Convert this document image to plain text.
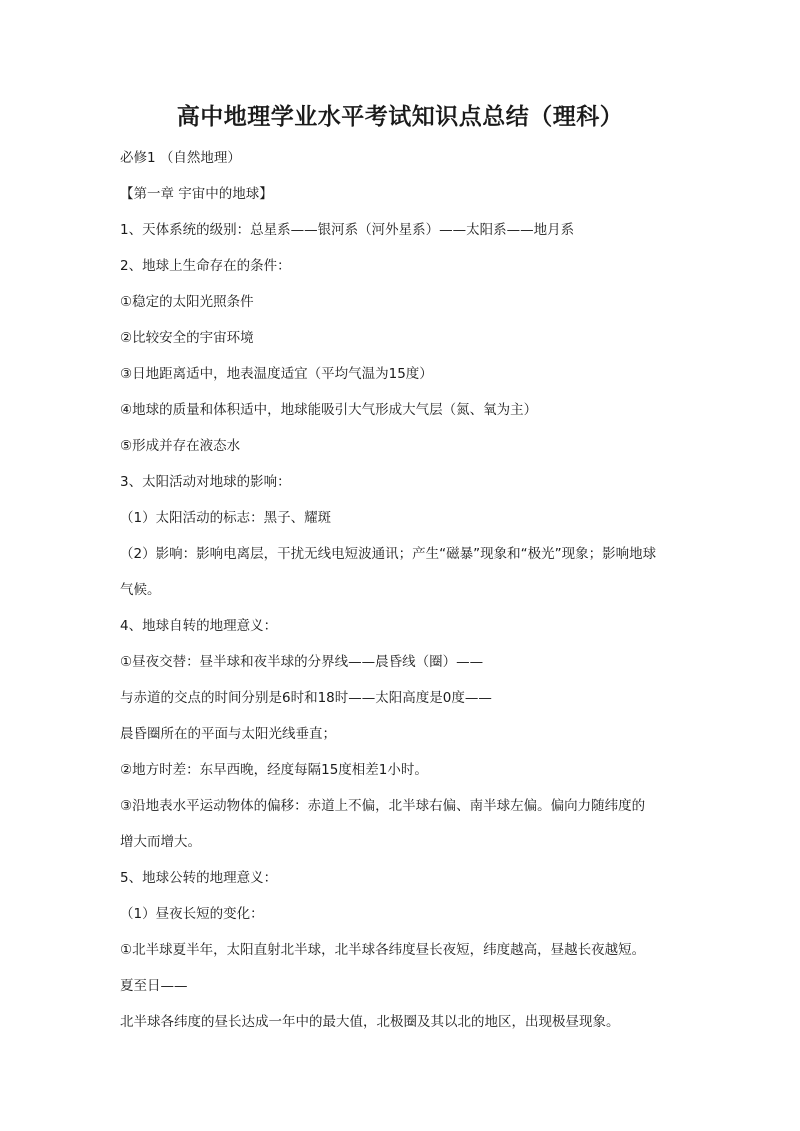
高中地理学业水平考试知识点总结（理科）
必修1 （自然地理）
【第一章 宇宙中的地球】
1、天体系统的级别：总星系——银河系（河外星系）——太阳系——地月系
2、地球上生命存在的条件：
①稳定的太阳光照条件
②比较安全的宇宙环境
③日地距离适中，地表温度适宜（平均气温为15度）
④地球的质量和体积适中，地球能吸引大气形成大气层（氮、氧为主）
⑤形成并存在液态水
3、太阳活动对地球的影响：
（1）太阳活动的标志：黑子、耀斑
（2）影响：影响电离层，干扰无线电短波通讯；产生“磁暴”现象和“极光”现象；影响地球
气候。
4、地球自转的地理意义：
①昼夜交替：昼半球和夜半球的分界线——晨昏线（圈）——
与赤道的交点的时间分别是6时和18时——太阳高度是0度——
晨昏圈所在的平面与太阳光线垂直；
②地方时差：东早西晚，经度每隔15度相差1小时。
③沿地表水平运动物体的偏移：赤道上不偏，北半球右偏、南半球左偏。偏向力随纬度的
增大而增大。
5、地球公转的地理意义：
（1）昼夜长短的变化：
①北半球夏半年，太阳直射北半球，北半球各纬度昼长夜短，纬度越高，昼越长夜越短。
夏至日——
北半球各纬度的昼长达成一年中的最大值，北极圈及其以北的地区，出现极昼现象。
